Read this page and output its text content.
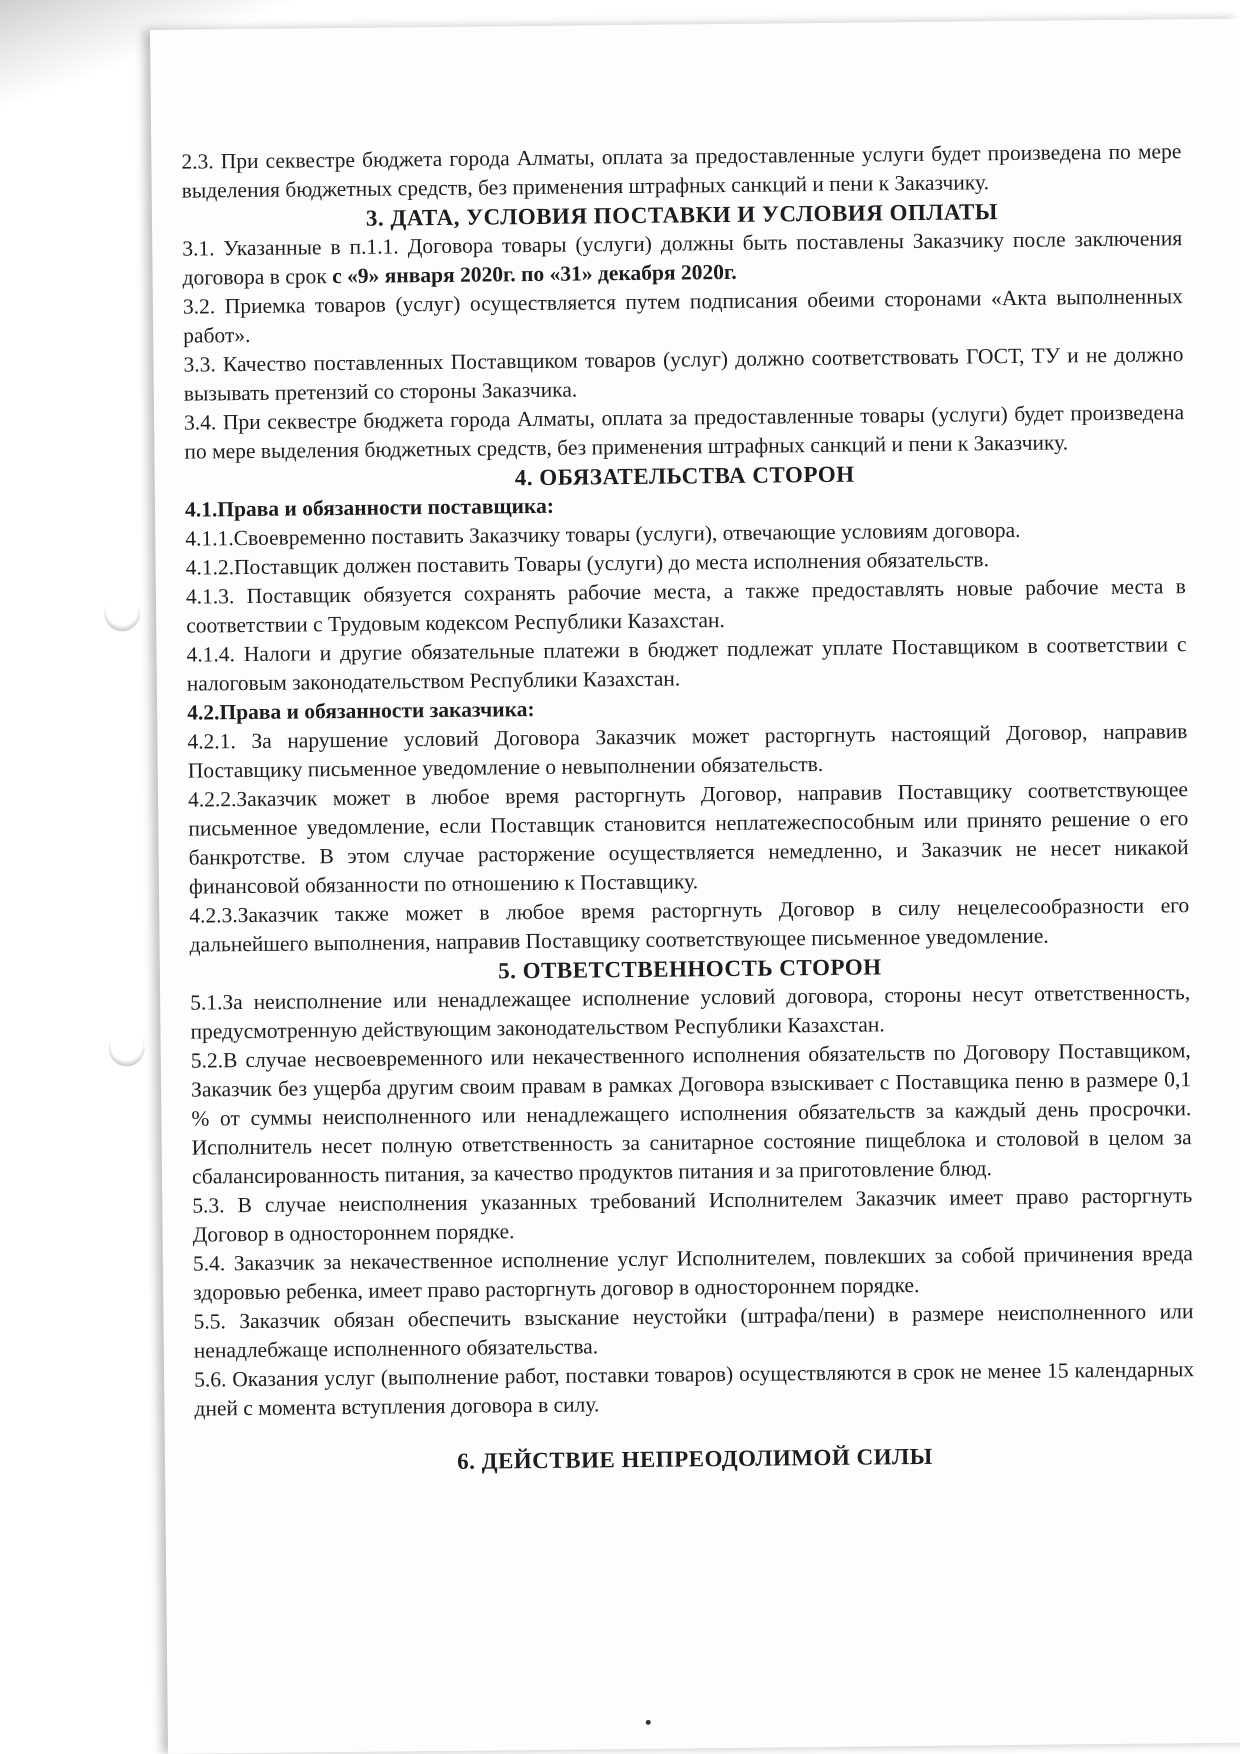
2.3. При секвестре бюджета города Алматы, оплата за предоставленные услуги будет произведена по мере выделения бюджетных средств, без применения штрафных санкций и пени к Заказчику.

3. ДАТА, УСЛОВИЯ ПОСТАВКИ И УСЛОВИЯ ОПЛАТЫ

3.1. Указанные в п.1.1. Договора товары (услуги) должны быть поставлены Заказчику после заключения договора в срок с «9» января 2020г. по «31» декабря 2020г.

3.2. Приемка товаров (услуг) осуществляется путем подписания обеими сторонами «Акта выполненных работ».

3.3. Качество поставленных Поставщиком товаров (услуг) должно соответствовать ГОСТ, ТУ и не должно вызывать претензий со стороны Заказчика.

3.4. При секвестре бюджета города Алматы, оплата за предоставленные товары (услуги) будет произведена по мере выделения бюджетных средств, без применения штрафных санкций и пени к Заказчику.

4. ОБЯЗАТЕЛЬСТВА СТОРОН

4.1.Права и обязанности поставщика:

4.1.1.Своевременно поставить Заказчику товары (услуги), отвечающие условиям договора.

4.1.2.Поставщик должен поставить Товары (услуги) до места исполнения обязательств.

4.1.3. Поставщик обязуется сохранять рабочие места, а также предоставлять новые рабочие места в соответствии с Трудовым кодексом Республики Казахстан.

4.1.4. Налоги и другие обязательные платежи в бюджет подлежат уплате Поставщиком в соответствии с налоговым законодательством Республики Казахстан.

4.2.Права и обязанности заказчика:

4.2.1. За нарушение условий Договора Заказчик может расторгнуть настоящий Договор, направив Поставщику письменное уведомление о невыполнении обязательств.

4.2.2.Заказчик может в любое время расторгнуть Договор, направив Поставщику соответствующее письменное уведомление, если Поставщик становится неплатежеспособным или принято решение о его банкротстве. В этом случае расторжение осуществляется немедленно, и Заказчик не несет никакой финансовой обязанности по отношению к Поставщику.

4.2.3.Заказчик также может в любое время расторгнуть Договор в силу нецелесообразности его дальнейшего выполнения, направив Поставщику соответствующее письменное уведомление.

5. ОТВЕТСТВЕННОСТЬ СТОРОН

5.1.За неисполнение или ненадлежащее исполнение условий договора, стороны несут ответственность, предусмотренную действующим законодательством Республики Казахстан.

5.2.В случае несвоевременного или некачественного исполнения обязательств по Договору Поставщиком, Заказчик без ущерба другим своим правам в рамках Договора взыскивает с Поставщика пеню в размере 0,1 % от суммы неисполненного или ненадлежащего исполнения обязательств за каждый день просрочки. Исполнитель несет полную ответственность за санитарное состояние пищеблока и столовой в целом за сбалансированность питания, за качество продуктов питания и за приготовление блюд.

5.3. В случае неисполнения указанных требований Исполнителем Заказчик имеет право расторгнуть Договор в одностороннем порядке.

5.4. Заказчик за некачественное исполнение услуг Исполнителем, повлекших за собой причинения вреда здоровью ребенка, имеет право расторгнуть договор в одностороннем порядке.

5.5. Заказчик обязан обеспечить взыскание неустойки (штрафа/пени) в размере неисполненного или ненадлебжаще исполненного обязательства.

5.6. Оказания услуг (выполнение работ, поставки товаров) осуществляются в срок не менее 15 календарных дней с момента вступления договора в силу.

6. ДЕЙСТВИЕ НЕПРЕОДОЛИМОЙ СИЛЫ
